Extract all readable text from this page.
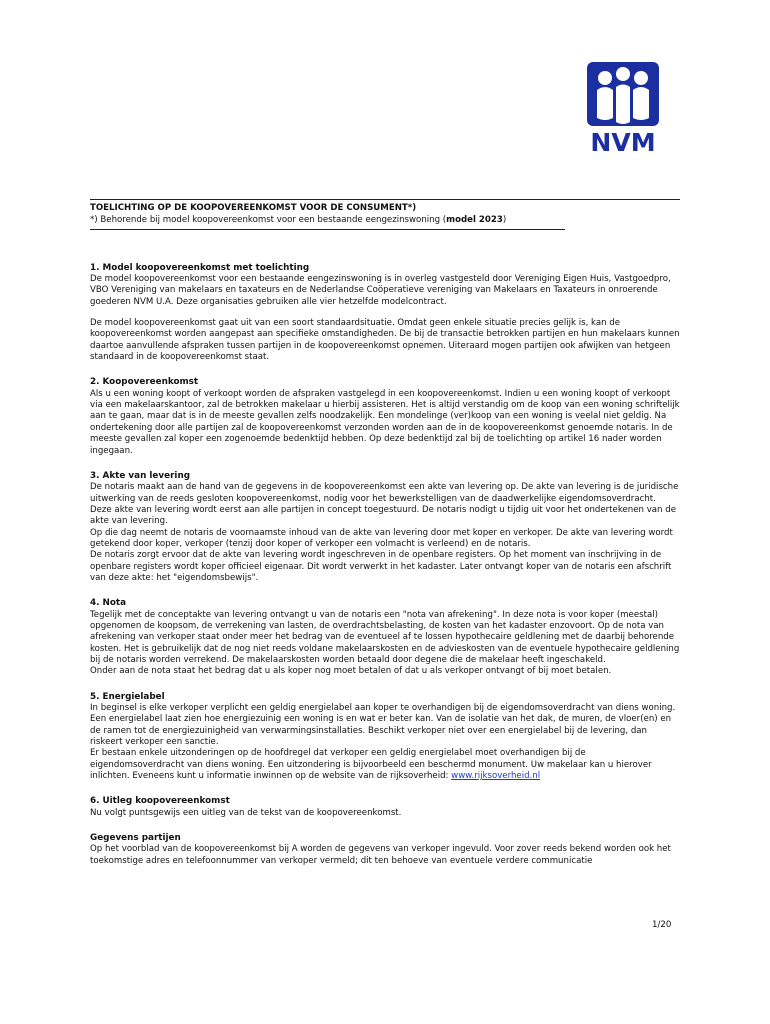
NVM
TOELICHTING OP DE KOOPOVEREENKOMST VOOR DE CONSUMENT*)
*) Behorende bij model koopovereenkomst voor een bestaande eengezinswoning (model 2023)
1. Model koopovereenkomst met toelichting

De model koopovereenkomst voor een bestaande eengezinswoning is in overleg vastgesteld door Vereniging Eigen Huis, Vastgoedpro, VBO Vereniging van makelaars en taxateurs en de Nederlandse Coöperatieve vereniging van Makelaars en Taxateurs in onroerende goederen NVM U.A. Deze organisaties gebruiken alle vier hetzelfde modelcontract.

De model koopovereenkomst gaat uit van een soort standaardsituatie. Omdat geen enkele situatie precies gelijk is, kan de koopovereenkomst worden aangepast aan specifieke omstandigheden. De bij de transactie betrokken partijen en hun makelaars kunnen daartoe aanvullende afspraken tussen partijen in de koopovereenkomst opnemen. Uiteraard mogen partijen ook afwijken van hetgeen standaard in de koopovereenkomst staat.

2. Koopovereenkomst

Als u een woning koopt of verkoopt worden de afspraken vastgelegd in een koopovereenkomst. Indien u een woning koopt of verkoopt via een makelaarskantoor, zal de betrokken makelaar u hierbij assisteren. Het is altijd verstandig om de koop van een woning schriftelijk aan te gaan, maar dat is in de meeste gevallen zelfs noodzakelijk. Een mondelinge (ver)koop van een woning is veelal niet geldig. Na ondertekening door alle partijen zal de koopovereenkomst verzonden worden aan de in de koopovereenkomst genoemde notaris. In de meeste gevallen zal koper een zogenoemde bedenktijd hebben. Op deze bedenktijd zal bij de toelichting op artikel 16 nader worden ingegaan.

3. Akte van levering

De notaris maakt aan de hand van de gegevens in de koopovereenkomst een akte van levering op. De akte van levering is de juridische uitwerking van de reeds gesloten koopovereenkomst, nodig voor het bewerkstelligen van de daadwerkelijke eigendomsoverdracht. Deze akte van levering wordt eerst aan alle partijen in concept toegestuurd. De notaris nodigt u tijdig uit voor het ondertekenen van de akte van levering.

Op die dag neemt de notaris de voornaamste inhoud van de akte van levering door met koper en verkoper. De akte van levering wordt getekend door koper, verkoper (tenzij door koper of verkoper een volmacht is verleend) en de notaris.

De notaris zorgt ervoor dat de akte van levering wordt ingeschreven in de openbare registers. Op het moment van inschrijving in de openbare registers wordt koper officieel eigenaar. Dit wordt verwerkt in het kadaster. Later ontvangt koper van de notaris een afschrift van deze akte: het "eigendomsbewijs".

4. Nota

Tegelijk met de conceptakte van levering ontvangt u van de notaris een "nota van afrekening". In deze nota is voor koper (meestal) opgenomen de koopsom, de verrekening van lasten, de overdrachtsbelasting, de kosten van het kadaster enzovoort. Op de nota van afrekening van verkoper staat onder meer het bedrag van de eventueel af te lossen hypothecaire geldlening met de daarbij behorende kosten. Het is gebruikelijk dat de nog niet reeds voldane makelaarskosten en de advieskosten van de eventuele hypothecaire geldlening bij de notaris worden verrekend. De makelaarskosten worden betaald door degene die de makelaar heeft ingeschakeld.

Onder aan de nota staat het bedrag dat u als koper nog moet betalen of dat u als verkoper ontvangt of bij moet betalen.

5. Energielabel

In beginsel is elke verkoper verplicht een geldig energielabel aan koper te overhandigen bij de eigendomsoverdracht van diens woning. Een energielabel laat zien hoe energiezuinig een woning is en wat er beter kan. Van de isolatie van het dak, de muren, de vloer(en) en de ramen tot de energiezuinigheid van verwarmingsinstallaties. Beschikt verkoper niet over een energielabel bij de levering, dan riskeert verkoper een sanctie.

Er bestaan enkele uitzonderingen op de hoofdregel dat verkoper een geldig energielabel moet overhandigen bij de eigendomsoverdracht van diens woning. Een uitzondering is bijvoorbeeld een beschermd monument. Uw makelaar kan u hierover inlichten. Eveneens kunt u informatie inwinnen op de website van de rijksoverheid: www.rijksoverheid.nl

6. Uitleg koopovereenkomst

Nu volgt puntsgewijs een uitleg van de tekst van de koopovereenkomst.

Gegevens partijen

Op het voorblad van de koopovereenkomst bij A worden de gegevens van verkoper ingevuld. Voor zover reeds bekend worden ook het toekomstige adres en telefoonnummer van verkoper vermeld; dit ten behoeve van eventuele verdere communicatie

1/20
